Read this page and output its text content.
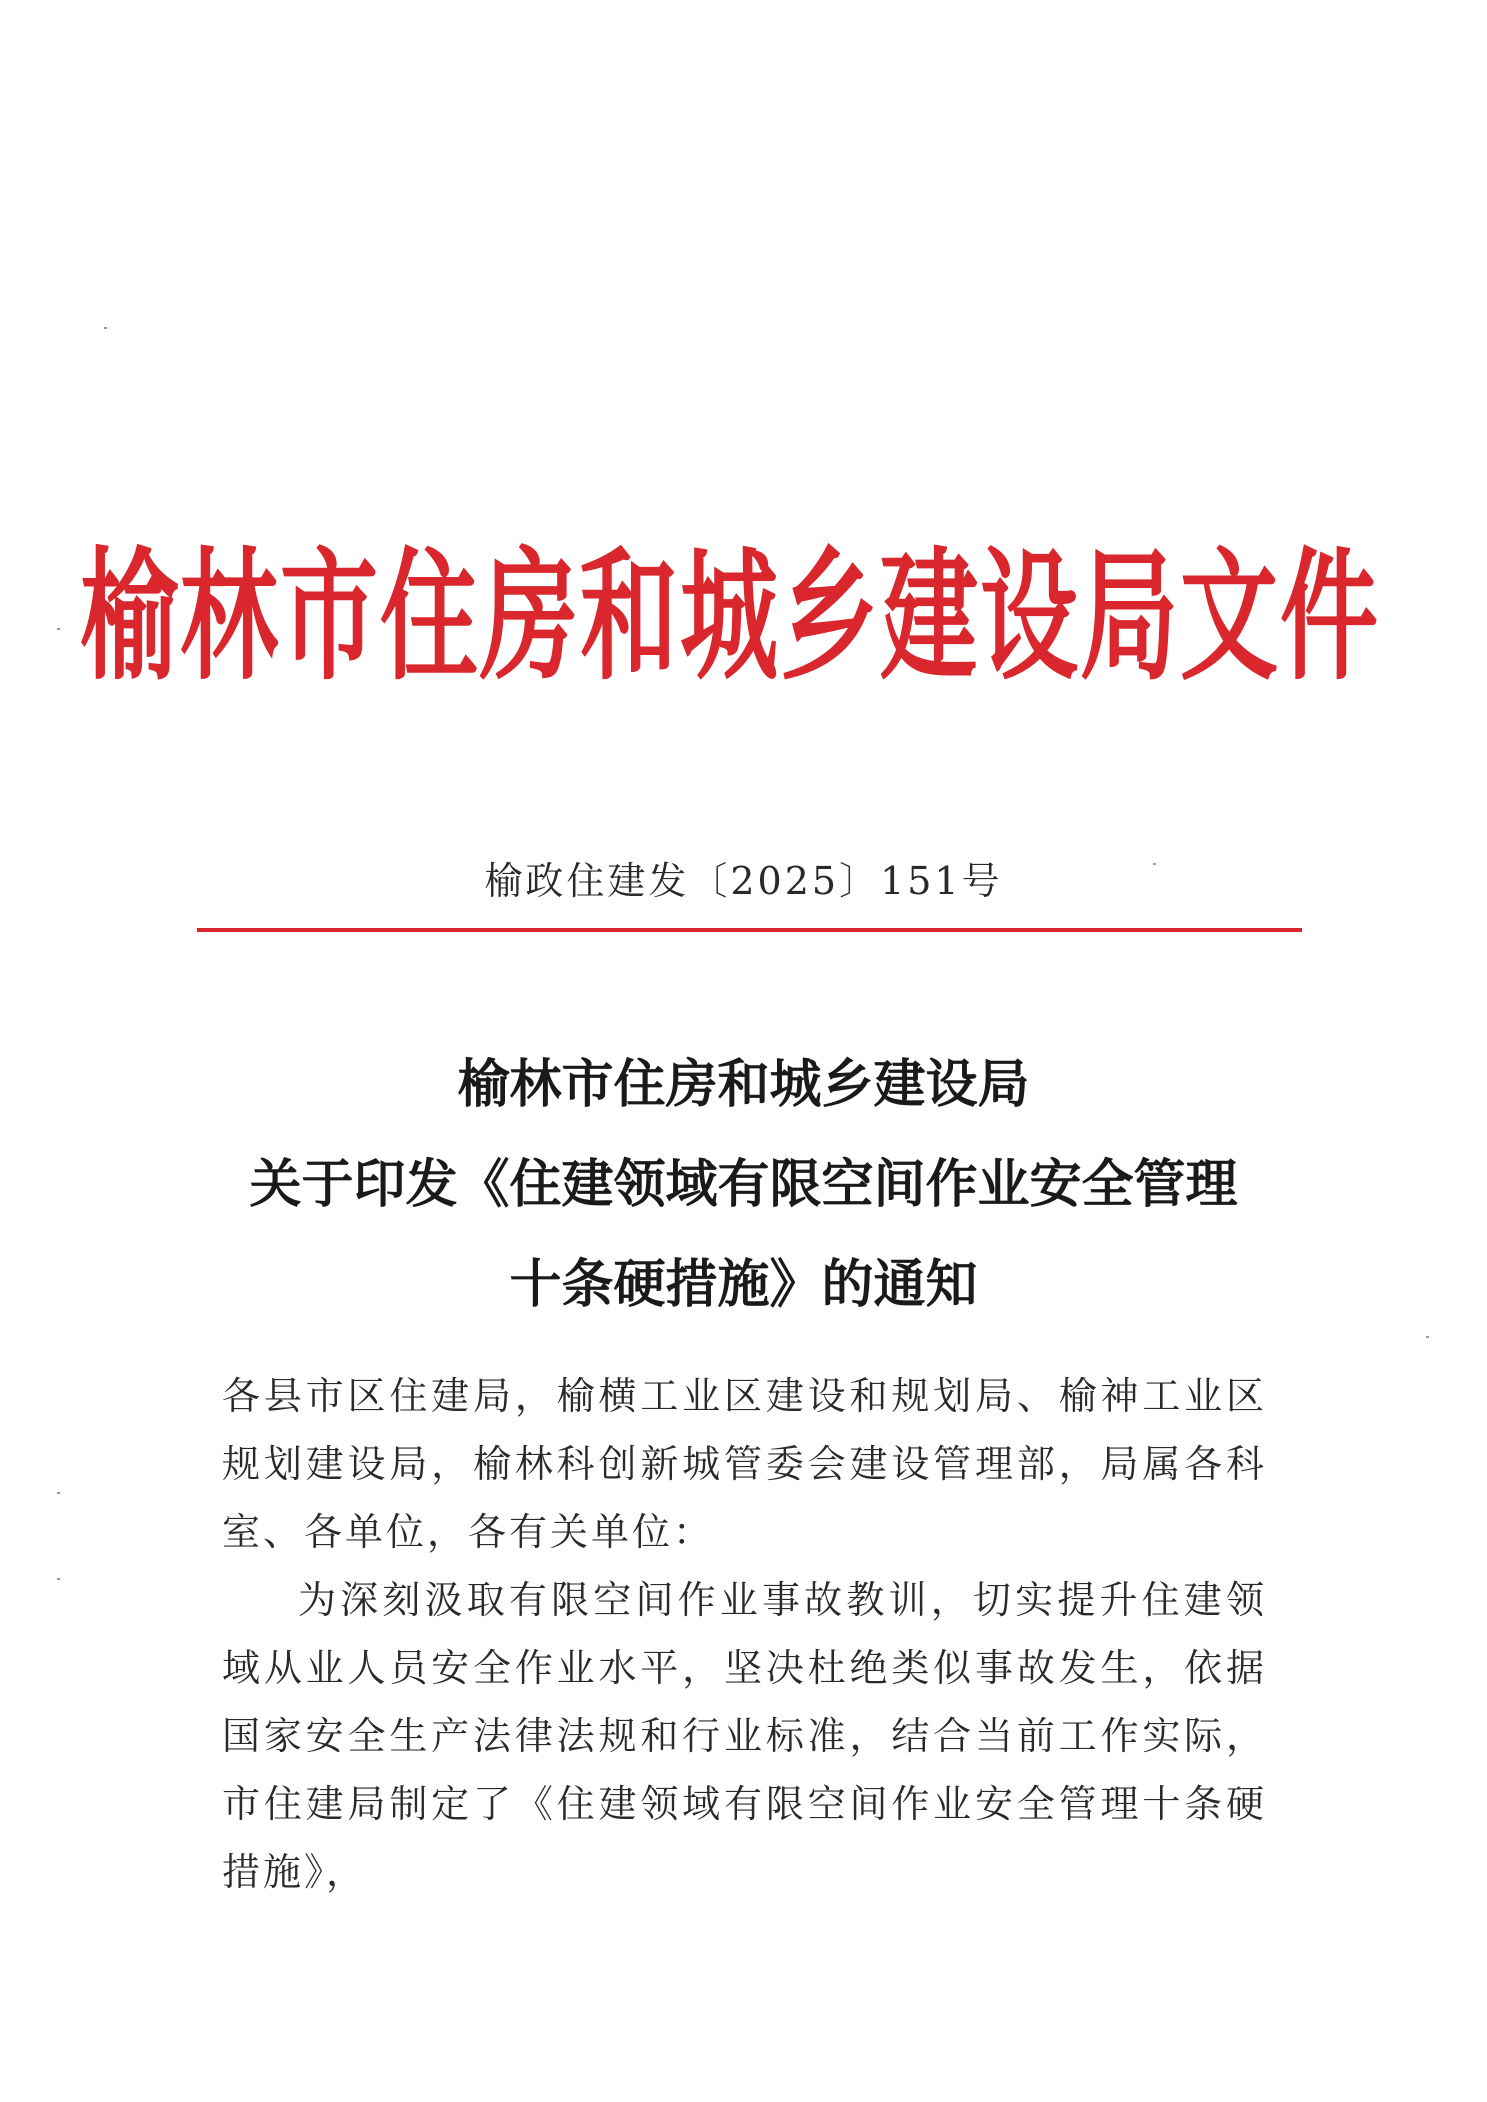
榆林市住房和城乡建设局文件
榆政住建发〔2025〕151号
榆林市住房和城乡建设局
关于印发《住建领域有限空间作业安全管理
十条硬措施》的通知

各县市区住建局，榆横工业区建设和规划局、榆神工业区规划建设局，榆林科创新城管委会建设管理部，局属各科室、各单位，各有关单位：

为深刻汲取有限空间作业事故教训，切实提升住建领域从业人员安全作业水平，坚决杜绝类似事故发生，依据国家安全生产法律法规和行业标准，结合当前工作实际，市住建局制定了《住建领域有限空间作业安全管理十条硬措施》，
